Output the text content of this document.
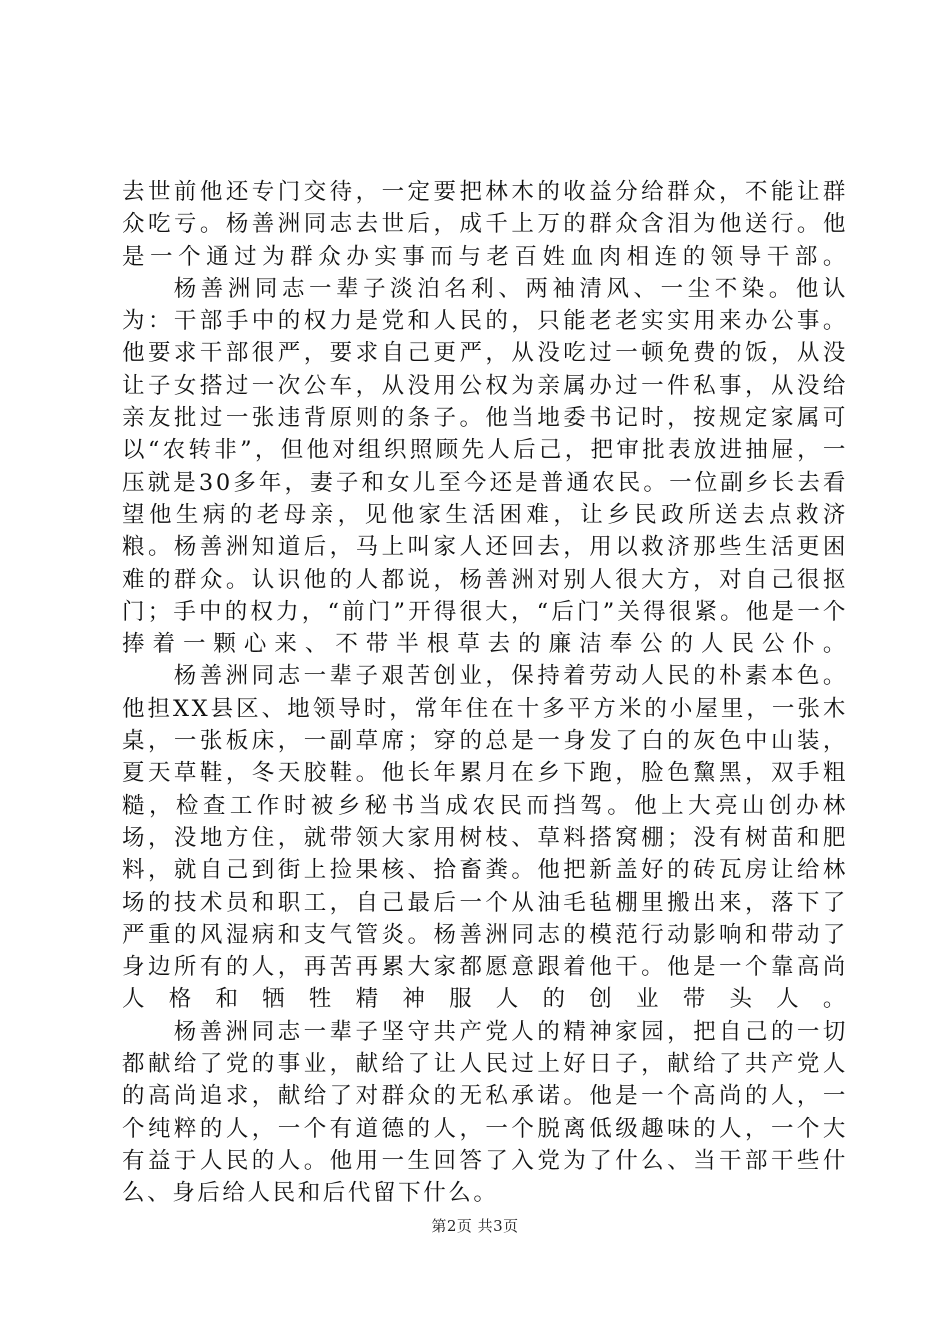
去世前他还专门交待，一定要把林木的收益分给群众，不能让群众吃亏。杨善洲同志去世后，成千上万的群众含泪为他送行。他是一个通过为群众办实事而与老百姓血肉相连的领导干部。

杨善洲同志一辈子淡泊名利、两袖清风、一尘不染。他认为：干部手中的权力是党和人民的，只能老老实实用来办公事。他要求干部很严，要求自己更严，从没吃过一顿免费的饭，从没让子女搭过一次公车，从没用公权为亲属办过一件私事，从没给亲友批过一张违背原则的条子。他当地委书记时，按规定家属可以“农转非”，但他对组织照顾先人后己，把审批表放进抽屉，一压就是30多年，妻子和女儿至今还是普通农民。一位副乡长去看望他生病的老母亲，见他家生活困难，让乡民政所送去点救济粮。杨善洲知道后，马上叫家人还回去，用以救济那些生活更困难的群众。认识他的人都说，杨善洲对别人很大方，对自己很抠门；手中的权力，“前门”开得很大，“后门”关得很紧。他是一个捧着一颗心来、不带半根草去的廉洁奉公的人民公仆。

杨善洲同志一辈子艰苦创业，保持着劳动人民的朴素本色。他担XX县区、地领导时，常年住在十多平方米的小屋里，一张木桌，一张板床，一副草席；穿的总是一身发了白的灰色中山装，夏天草鞋，冬天胶鞋。他长年累月在乡下跑，脸色黧黑，双手粗糙，检查工作时被乡秘书当成农民而挡驾。他上大亮山创办林场，没地方住，就带领大家用树枝、草料搭窝棚；没有树苗和肥料，就自己到街上捡果核、拾畜粪。他把新盖好的砖瓦房让给林场的技术员和职工，自己最后一个从油毛毡棚里搬出来，落下了严重的风湿病和支气管炎。杨善洲同志的模范行动影响和带动了身边所有的人，再苦再累大家都愿意跟着他干。他是一个靠高尚人格和牺牲精神服人的创业带头人。

杨善洲同志一辈子坚守共产党人的精神家园，把自己的一切都献给了党的事业，献给了让人民过上好日子，献给了共产党人的高尚追求，献给了对群众的无私承诺。他是一个高尚的人，一个纯粹的人，一个有道德的人，一个脱离低级趣味的人，一个大有益于人民的人。他用一生回答了入党为了什么、当干部干些什么、身后给人民和后代留下什么。

第2页 共3页
